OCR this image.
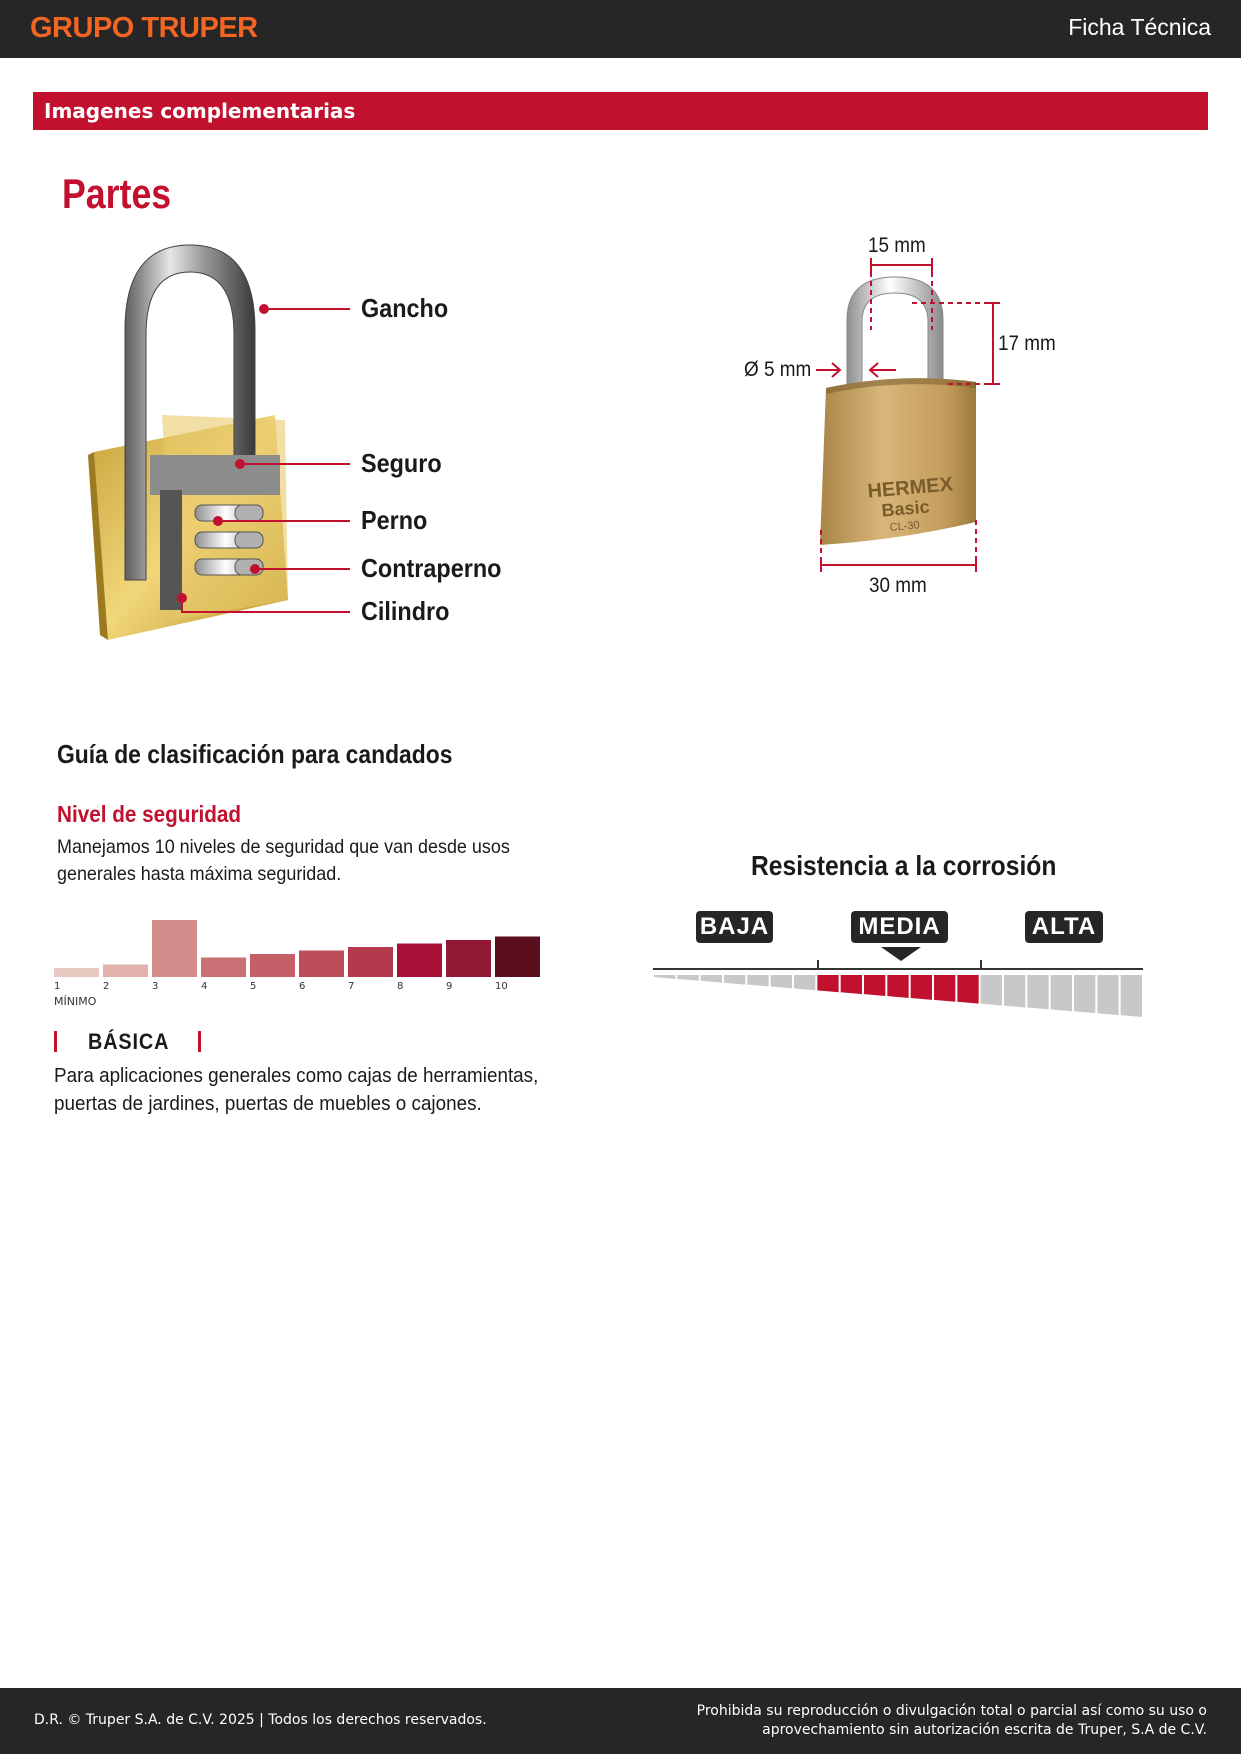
GRUPO TRUPER	Ficha Técnica
Imagenes complementarias
Partes
HERMEX
Basic
CL-30
Gancho
Seguro
Perno
Contraperno
Cilindro
15 mm
17 mm
Ø 5 mm
30 mm
Guía de clasificación para candados
Nivel de seguridad
Manejamos 10 niveles de seguridad que van desde usos generales hasta máxima seguridad.
MÍNIMO
BÁSICA
Para aplicaciones generales como cajas de herramientas, puertas de jardines, puertas de muebles o cajones.
Resistencia a la corrosión
BAJA	MEDIA	ALTA
D.R. © Truper S.A. de C.V. 2025 | Todos los derechos reservados.
Prohibida su reproducción o divulgación total o parcial así como su uso o
aprovechamiento sin autorización escrita de Truper, S.A de C.V.
1	2	3	4	5	6	7	8	9	10
